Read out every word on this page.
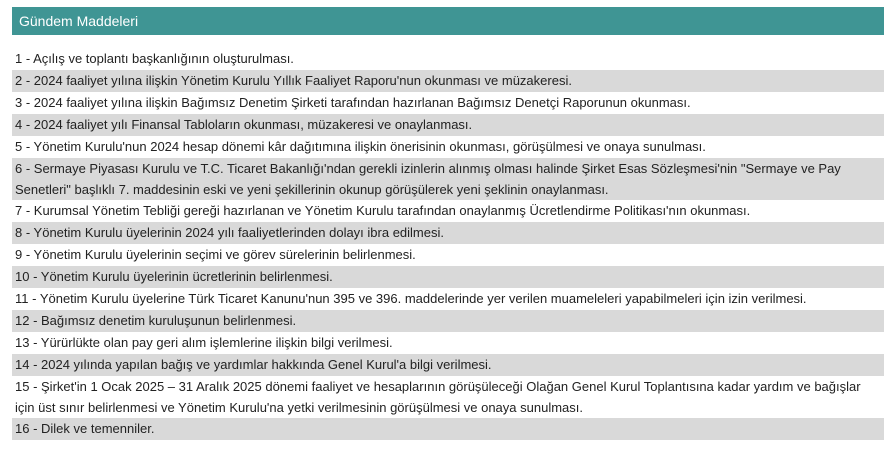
Gündem Maddeleri
1 - Açılış ve toplantı başkanlığının oluşturulması.
2 - 2024 faaliyet yılına ilişkin Yönetim Kurulu Yıllık Faaliyet Raporu'nun okunması ve müzakeresi.
3 - 2024 faaliyet yılına ilişkin Bağımsız Denetim Şirketi tarafından hazırlanan Bağımsız Denetçi Raporunun okunması.
4 - 2024 faaliyet yılı Finansal Tabloların okunması, müzakeresi ve onaylanması.
5 - Yönetim Kurulu'nun 2024 hesap dönemi kâr dağıtımına ilişkin önerisinin okunması, görüşülmesi ve onaya sunulması.
6 - Sermaye Piyasası Kurulu ve T.C. Ticaret Bakanlığı'ndan gerekli izinlerin alınmış olması halinde Şirket Esas Sözleşmesi'nin "Sermaye ve Pay Senetleri" başlıklı 7. maddesinin eski ve yeni şekillerinin okunup görüşülerek yeni şeklinin onaylanması.
7 - Kurumsal Yönetim Tebliği gereği hazırlanan ve Yönetim Kurulu tarafından onaylanmış Ücretlendirme Politikası'nın okunması.
8 - Yönetim Kurulu üyelerinin 2024 yılı faaliyetlerinden dolayı ibra edilmesi.
9 - Yönetim Kurulu üyelerinin seçimi ve görev sürelerinin belirlenmesi.
10 - Yönetim Kurulu üyelerinin ücretlerinin belirlenmesi.
11 - Yönetim Kurulu üyelerine Türk Ticaret Kanunu'nun 395 ve 396. maddelerinde yer verilen muameleleri yapabilmeleri için izin verilmesi.
12 - Bağımsız denetim kuruluşunun belirlenmesi.
13 - Yürürlükte olan pay geri alım işlemlerine ilişkin bilgi verilmesi.
14 - 2024 yılında yapılan bağış ve yardımlar hakkında Genel Kurul'a bilgi verilmesi.
15 - Şirket'in 1 Ocak 2025 – 31 Aralık 2025 dönemi faaliyet ve hesaplarının görüşüleceği Olağan Genel Kurul Toplantısına kadar yardım ve bağışlar için üst sınır belirlenmesi ve Yönetim Kurulu'na yetki verilmesinin görüşülmesi ve onaya sunulması.
16 - Dilek ve temenniler.
